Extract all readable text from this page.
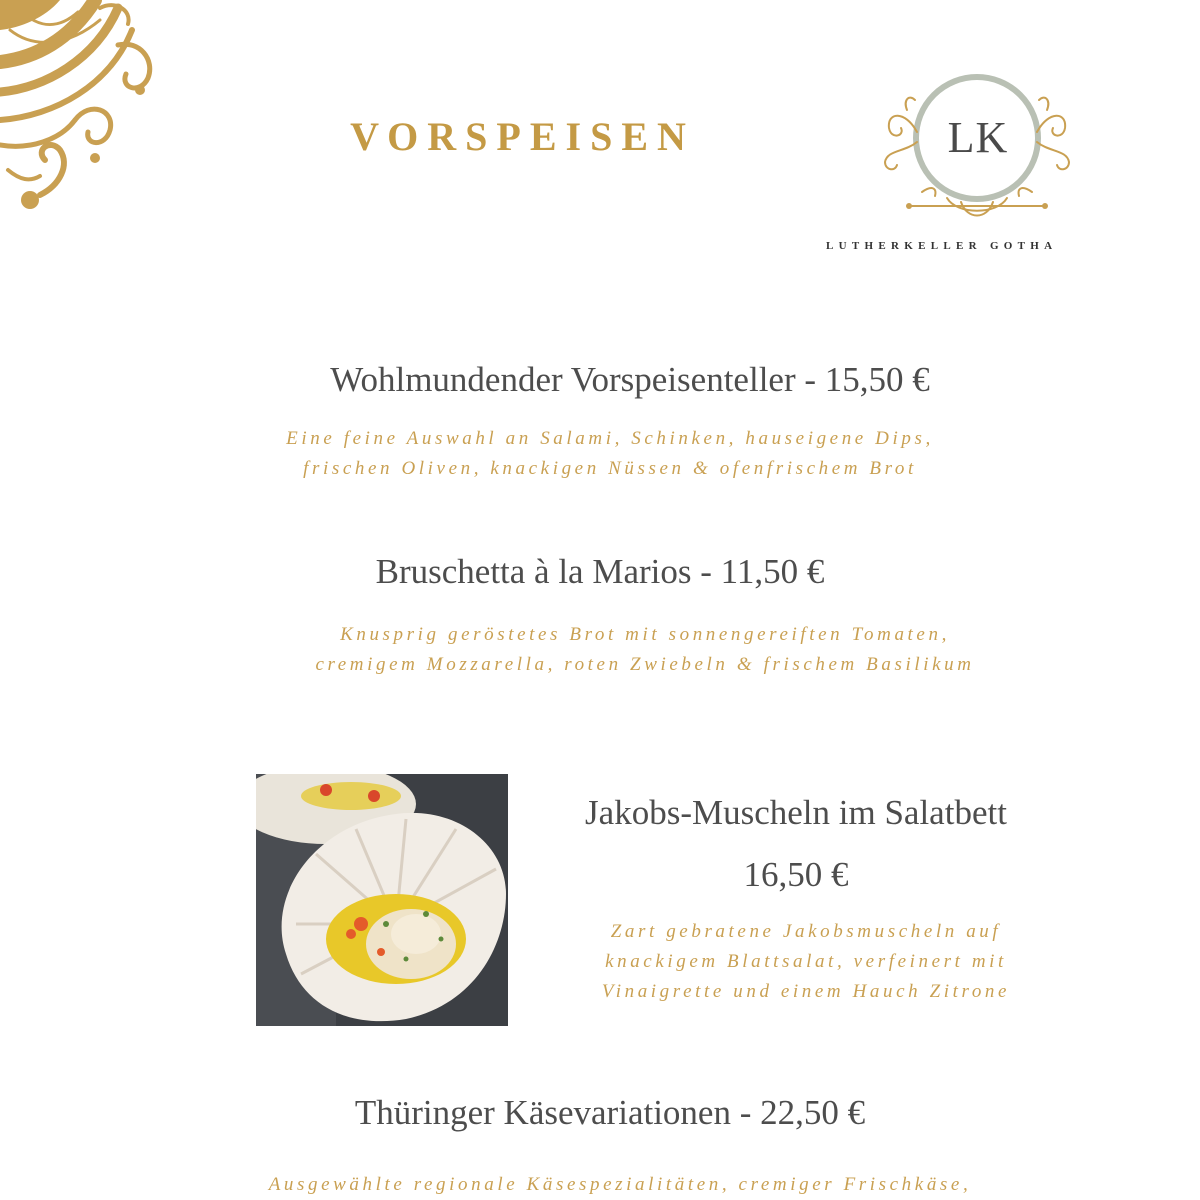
VORSPEISEN	LK
LUTHERKELLER GOTHA
Wohlmundender Vorspeisenteller - 15,50 €
Eine feine Auswahl an Salami, Schinken, hauseigene Dips,
frischen Oliven, knackigen Nüssen & ofenfrischem Brot
Bruschetta à la Marios - 11,50 €
Knusprig geröstetes Brot mit sonnengereiften Tomaten,
cremigem Mozzarella, roten Zwiebeln & frischem Basilikum
Jakobs-Muscheln im Salatbett
16,50 €
Zart gebratene Jakobsmuscheln auf
knackigem Blattsalat, verfeinert mit
Vinaigrette und einem Hauch Zitrone
Thüringer Käsevariationen - 22,50 €
Ausgewählte regionale Käsespezialitäten, cremiger Frischkäse,
